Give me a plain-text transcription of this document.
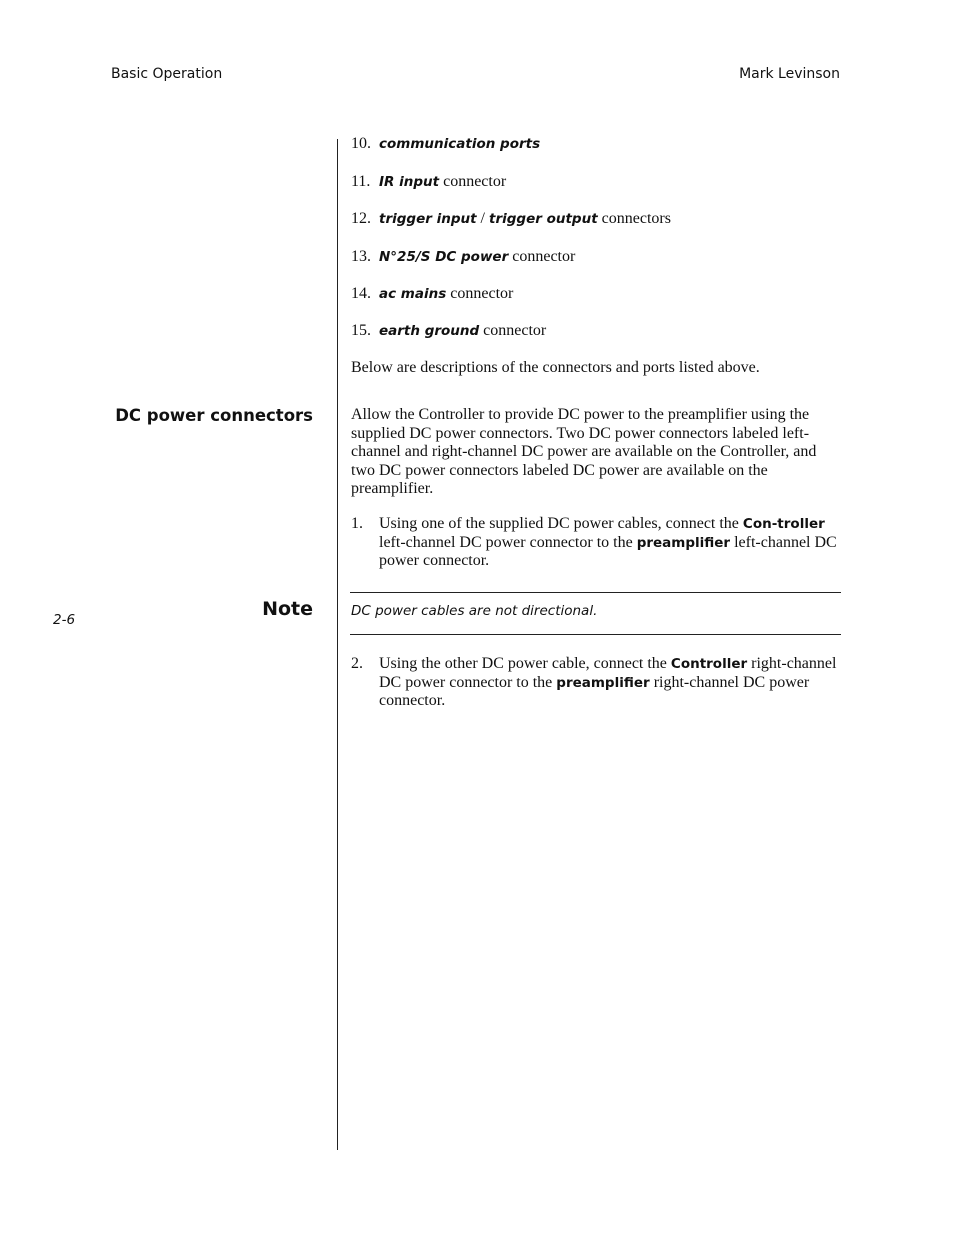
Basic Operation	Mark Levinson
10. communication ports
11. IR input connector
12. trigger input / trigger output connectors
13. N°25/S DC power connector
14. ac mains connector
15. earth ground connector
Below are descriptions of the connectors and ports listed above.
DC power connectors Allow the Controller to provide DC power to the preamplifier using the supplied DC power connectors. Two DC power connectors labeled left-channel and right-channel DC power are available on the Controller, and two DC power connectors labeled DC power are available on the preamplifier.
1. Using one of the supplied DC power cables, connect the Con-troller left-channel DC power connector to the preamplifier left-channel DC power connector.
Note	DC power cables are not directional.
2-6
2. Using the other DC power cable, connect the Controller right-channel DC power connector to the preamplifier right-channel DC power connector.
